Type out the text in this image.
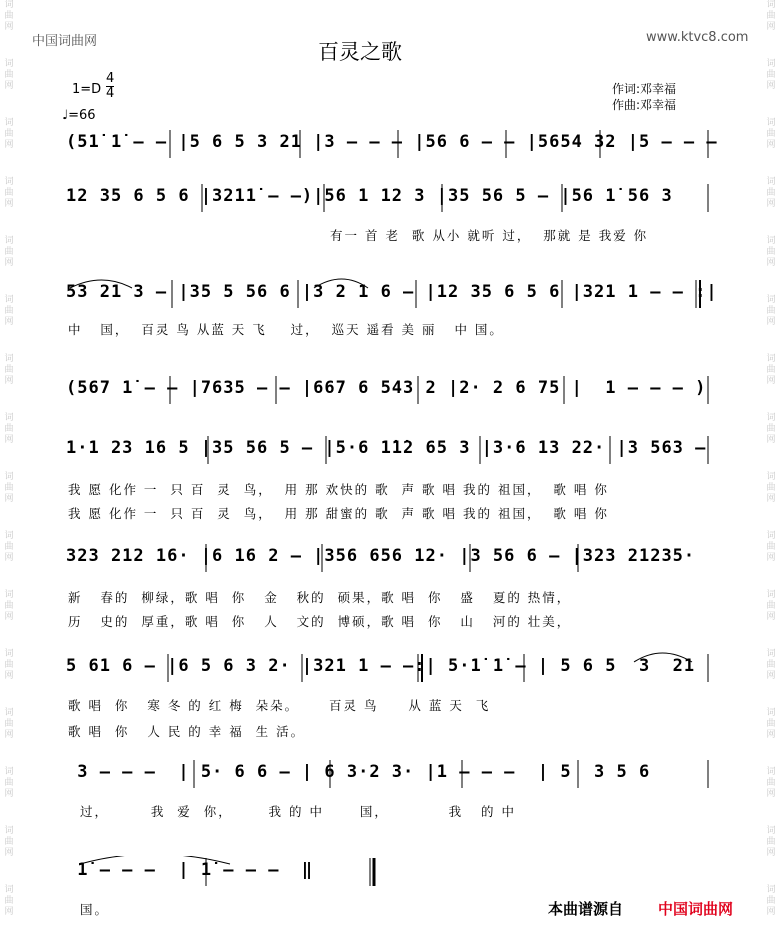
词
曲
网
词
曲
网
词
曲
网
词
曲
网
词
曲
网
词
曲
网
词
曲
网
词
曲
网
词
曲
网
词
曲
网
词
曲
网
词
曲
网
词
曲
网
词
曲
网
词
曲
网
词
曲
网
词
曲
网
词
曲
网
词
曲
网
词
曲
网
词
曲
网
词
曲
网
词
曲
网
词
曲
网
词
曲
网
词
曲
网
词
曲
网
词
曲
网
词
曲
网
词
曲
网
词
曲
网
词
曲
网
中国词曲网	www.ktvc8.com
百灵之歌
作词:邓幸福
作曲:邓幸福
1=D
4
4
♩=66
(51̇ 1̇ — — |5 6 5 3 21 |3 — — — |56 6 — — |5654 32 |5 — — —
12 35 6 5 6 |3211̇ — —)|56 1 12 3 |35 56 5 — |56 1̇ 56 3
有一 首 老  歌 从小 就听 过，  那就 是 我爱 你
53 21 3 — |35 5 56 6 |3 2 1 6 — |12 35 6 5 6 |321 1 — — :|
中   国，  百灵 鸟 从蓝 天 飞    过，  巡天 遥看 美 丽   中 国。
(567 1̇ — — |7635 — — |667 6 543 2 |2· 2 6 75 |  1 — — — )
1·1 23 16 5 |35 56 5 — |5·6 1̇1̇2 65 3 |3·6 13 22· |3 563 —
我 愿 化作 一  只 百  灵  鸟，  用 那 欢快的 歌  声 歌 唱 我的 祖国，  歌 唱 你
我 愿 化作 一  只 百  灵  鸟，  用 那 甜蜜的 歌  声 歌 唱 我的 祖国，  歌 唱 你
323 212 16· |6 16 2 — |356 656 12· |3 56 6 — |323 21235·
新   春的  柳绿，歌 唱  你   金   秋的  硕果，歌 唱  你   盛   夏的 热情，
历   史的  厚重，歌 唱  你   人   文的  博硕，歌 唱  你   山   河的 壮美，
5 61 6 — |6 5 6 3 2· |321 1 — —:| 5·1̇ 1̇ — | 5 6 5  3  21
歌 唱  你   寒 冬 的 红 梅  朵朵。     百灵 鸟     从 蓝 天  飞
歌 唱  你   人 民 的 幸 福  生 活。
3 — — —  | 5· 6 6 — | 6 3·2 3· |1 — — —  | 5  3 5 6
过，       我  爱  你，      我 的 中      国，          我   的 中
1̇ — — —  | 1̇ — — —  ‖
国。	本曲谱源自 中国词曲网
